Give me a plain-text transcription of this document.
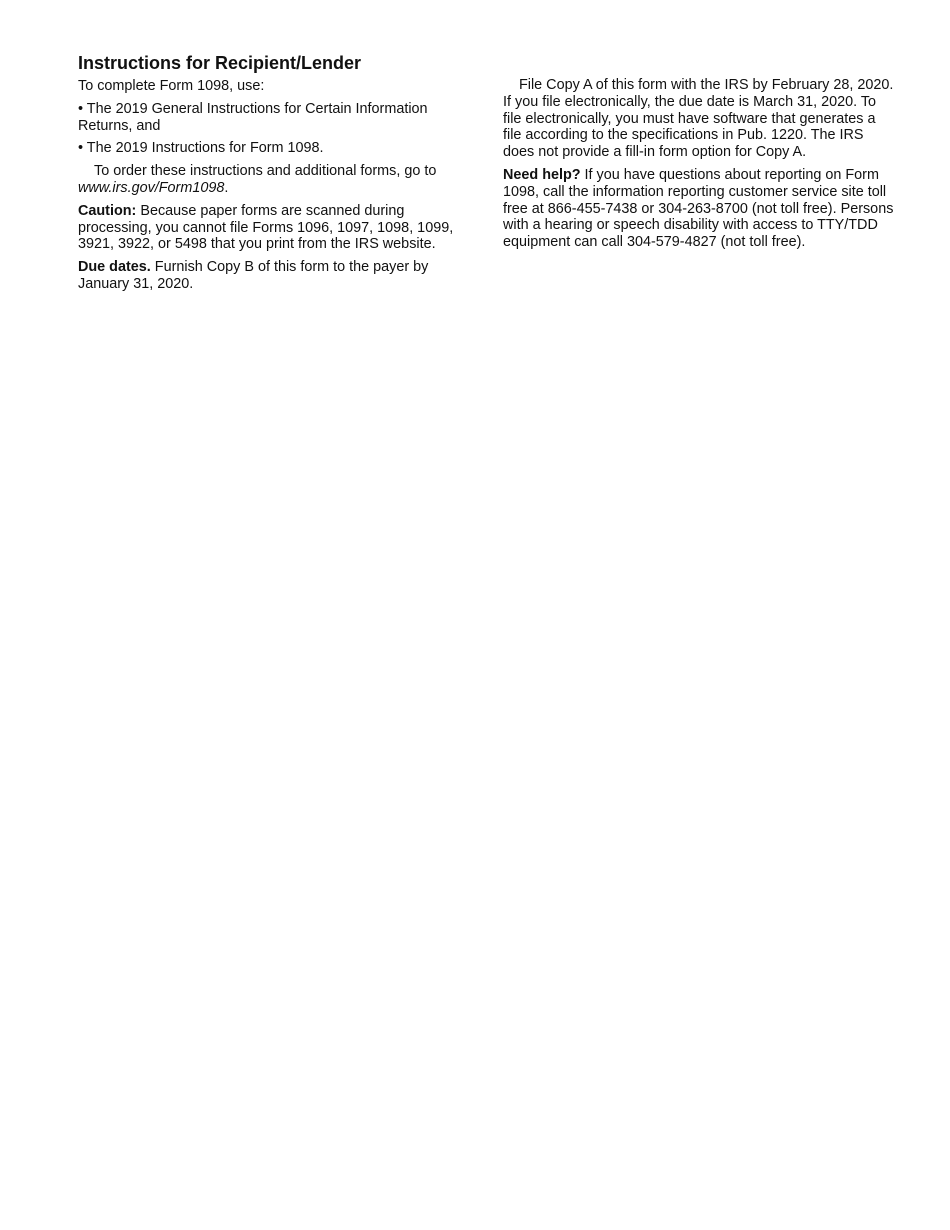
Instructions for Recipient/Lender
To complete Form 1098, use:
• The 2019 General Instructions for Certain Information Returns, and
• The 2019 Instructions for Form 1098.
To order these instructions and additional forms, go to www.irs.gov/Form1098.
Caution: Because paper forms are scanned during processing, you cannot file Forms 1096, 1097, 1098, 1099, 3921, 3922, or 5498 that you print from the IRS website.
Due dates. Furnish Copy B of this form to the payer by January 31, 2020.
File Copy A of this form with the IRS by February 28, 2020. If you file electronically, the due date is March 31, 2020. To file electronically, you must have software that generates a file according to the specifications in Pub. 1220. The IRS does not provide a fill-in form option for Copy A.
Need help? If you have questions about reporting on Form 1098, call the information reporting customer service site toll free at 866-455-7438 or 304-263-8700 (not toll free). Persons with a hearing or speech disability with access to TTY/TDD equipment can call 304-579-4827 (not toll free).
